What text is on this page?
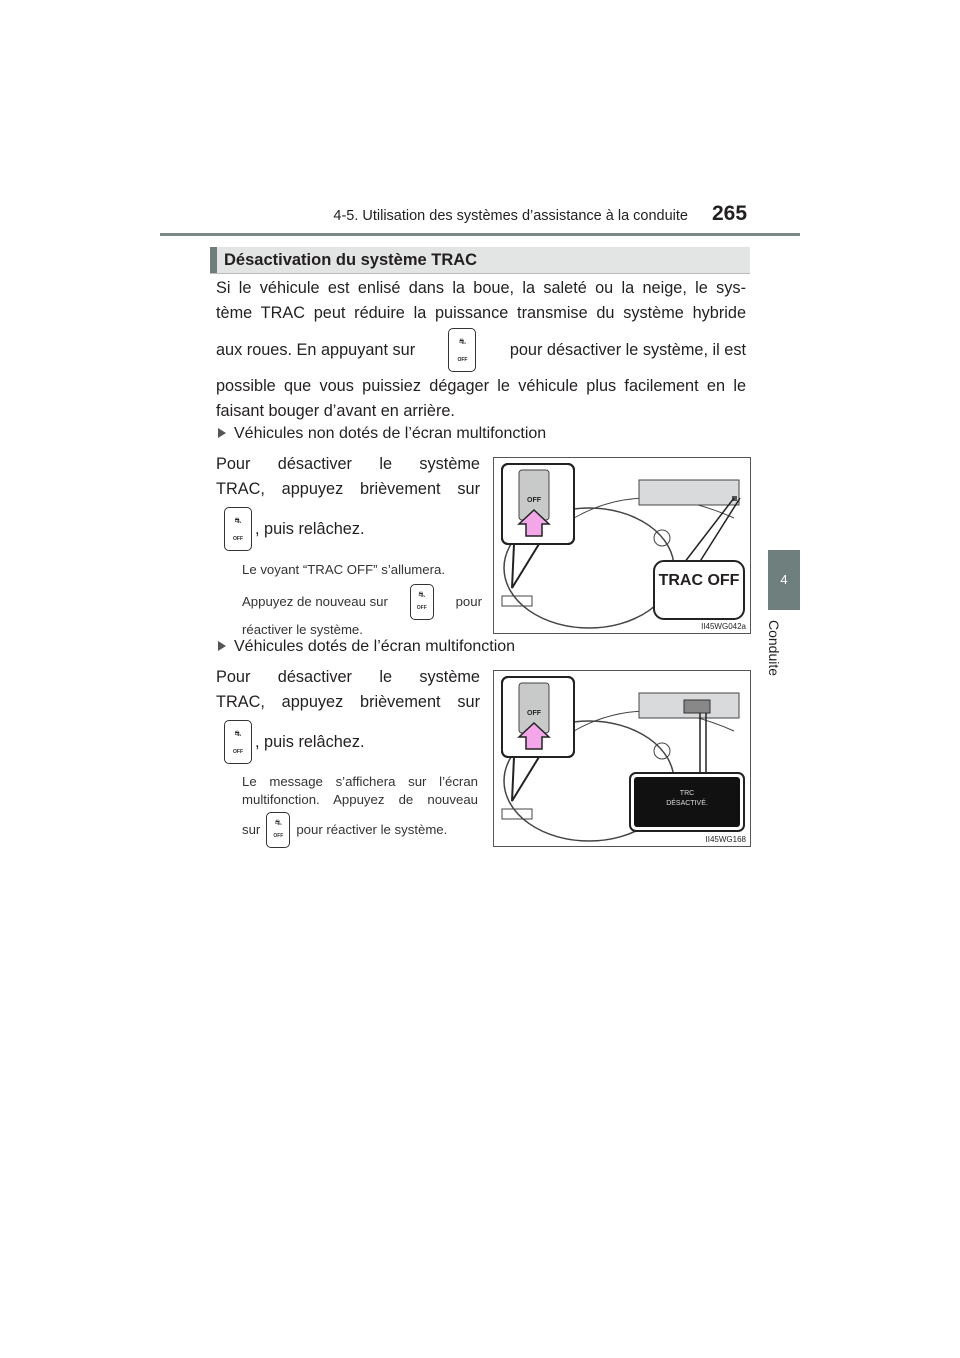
4-5. Utilisation des systèmes d’assistance à la conduite 265
4
Conduite
Désactivation du système TRAC
Si le véhicule est enlisé dans la boue, la saleté ou la neige, le sys-
tème TRAC peut réduire la puissance transmise du système hybride
aux roues. En appuyant sur	⛐
OFF
pour désactiver le système, il est
possible que vous puissiez dégager le véhicule plus facilement en le
faisant bouger d’avant en arrière.
Véhicules non dotés de l’écran multifonction
Pour désactiver le système
TRAC, appuyez brièvement sur
⛐
OFF
, puis relâchez.
Le voyant “TRAC OFF” s’allumera.
Appuyez de nouveau sur	⛐
OFF	pour
réactiver le système.
OFF
TRAC OFF
II45WG042a
Véhicules dotés de l’écran multifonction
Pour désactiver le système
TRAC, appuyez brièvement sur
⛐
OFF
, puis relâchez.
Le message s’affichera sur l’écran
multifonction. Appuyez de nouveau
sur ⛐
OFF pour réactiver le système.
OFF
TRC
DÉSACTIVÉ.
II45WG168
